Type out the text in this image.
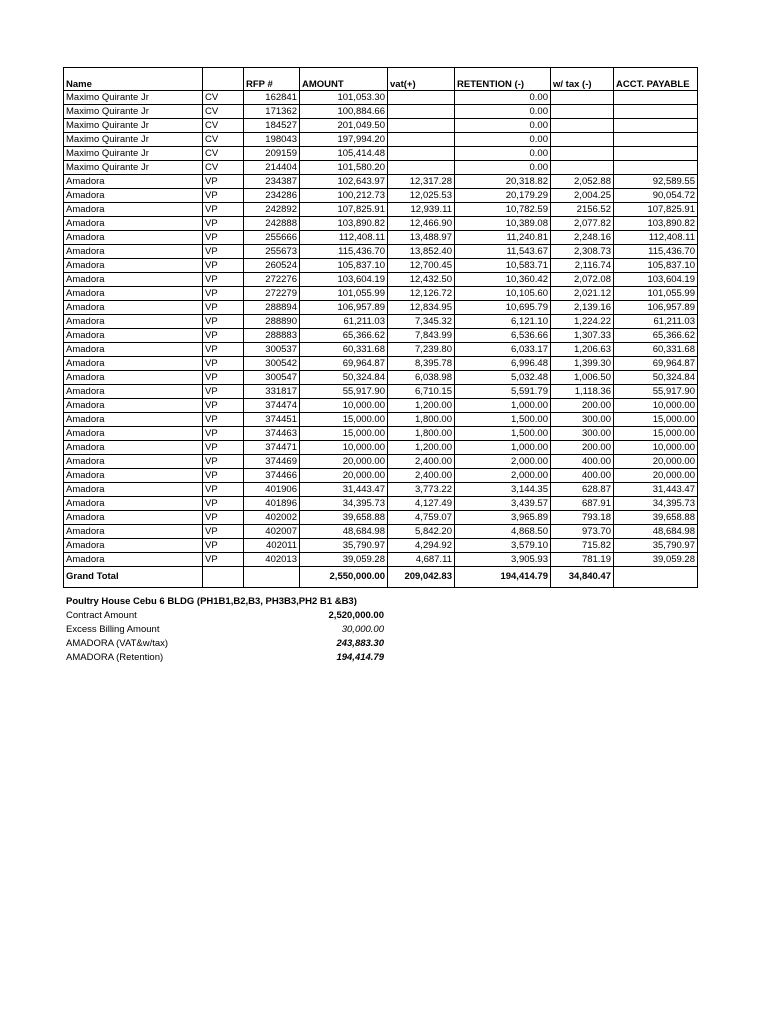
Name		RFP #	AMOUNT	vat(+)	RETENTION (-)	w/ tax (-)	ACCT. PAYABLE
Maximo Quirante Jr	CV	162841	101,053.30		0.00		
Maximo Quirante Jr	CV	171362	100,884.66		0.00		
Maximo Quirante Jr	CV	184527	201,049.50		0.00		
Maximo Quirante Jr	CV	198043	197,994.20		0.00		
Maximo Quirante Jr	CV	209159	105,414.48		0.00		
Maximo Quirante Jr	CV	214404	101,580.20		0.00		
Amadora	VP	234387	102,643.97	12,317.28	20,318.82	2,052.88	92,589.55
Amadora	VP	234286	100,212.73	12,025.53	20,179.29	2,004.25	90,054.72
Amadora	VP	242892	107,825.91	12,939.11	10,782.59	2156.52	107,825.91
Amadora	VP	242888	103,890.82	12,466.90	10,389.08	2,077.82	103,890.82
Amadora	VP	255666	112,408.11	13,488.97	11,240.81	2,248.16	112,408.11
Amadora	VP	255673	115,436.70	13,852.40	11,543.67	2,308.73	115,436.70
Amadora	VP	260524	105,837.10	12,700.45	10,583.71	2,116.74	105,837.10
Amadora	VP	272276	103,604.19	12,432.50	10,360.42	2,072.08	103,604.19
Amadora	VP	272279	101,055.99	12,126.72	10,105.60	2,021.12	101,055.99
Amadora	VP	288894	106,957.89	12,834.95	10,695.79	2,139.16	106,957.89
Amadora	VP	288890	61,211.03	7,345.32	6,121.10	1,224.22	61,211.03
Amadora	VP	288883	65,366.62	7,843.99	6,536.66	1,307.33	65,366.62
Amadora	VP	300537	60,331.68	7,239.80	6,033.17	1,206.63	60,331.68
Amadora	VP	300542	69,964.87	8,395.78	6,996.48	1,399.30	69,964.87
Amadora	VP	300547	50,324.84	6,038.98	5,032.48	1,006.50	50,324.84
Amadora	VP	331817	55,917.90	6,710.15	5,591.79	1,118.36	55,917.90
Amadora	VP	374474	10,000.00	1,200.00	1,000.00	200.00	10,000.00
Amadora	VP	374451	15,000.00	1,800.00	1,500.00	300.00	15,000.00
Amadora	VP	374463	15,000.00	1,800.00	1,500.00	300.00	15,000.00
Amadora	VP	374471	10,000.00	1,200.00	1,000.00	200.00	10,000.00
Amadora	VP	374469	20,000.00	2,400.00	2,000.00	400.00	20,000.00
Amadora	VP	374466	20,000.00	2,400.00	2,000.00	400.00	20,000.00
Amadora	VP	401906	31,443.47	3,773.22	3,144.35	628.87	31,443.47
Amadora	VP	401896	34,395.73	4,127.49	3,439.57	687.91	34,395.73
Amadora	VP	402002	39,658.88	4,759.07	3,965.89	793.18	39,658.88
Amadora	VP	402007	48,684.98	5,842.20	4,868.50	973.70	48,684.98
Amadora	VP	402011	35,790.97	4,294.92	3,579.10	715.82	35,790.97
Amadora	VP	402013	39,059.28	4,687.11	3,905.93	781.19	39,059.28
Grand Total			2,550,000.00	209,042.83	194,414.79	34,840.47	
Poultry House Cebu 6 BLDG (PH1B1,B2,B3, PH3B3,PH2 B1 &B3)
Contract Amount	2,520,000.00
Excess Billing Amount	30,000.00
AMADORA (VAT&w/tax)	243,883.30
AMADORA (Retention)	194,414.79
